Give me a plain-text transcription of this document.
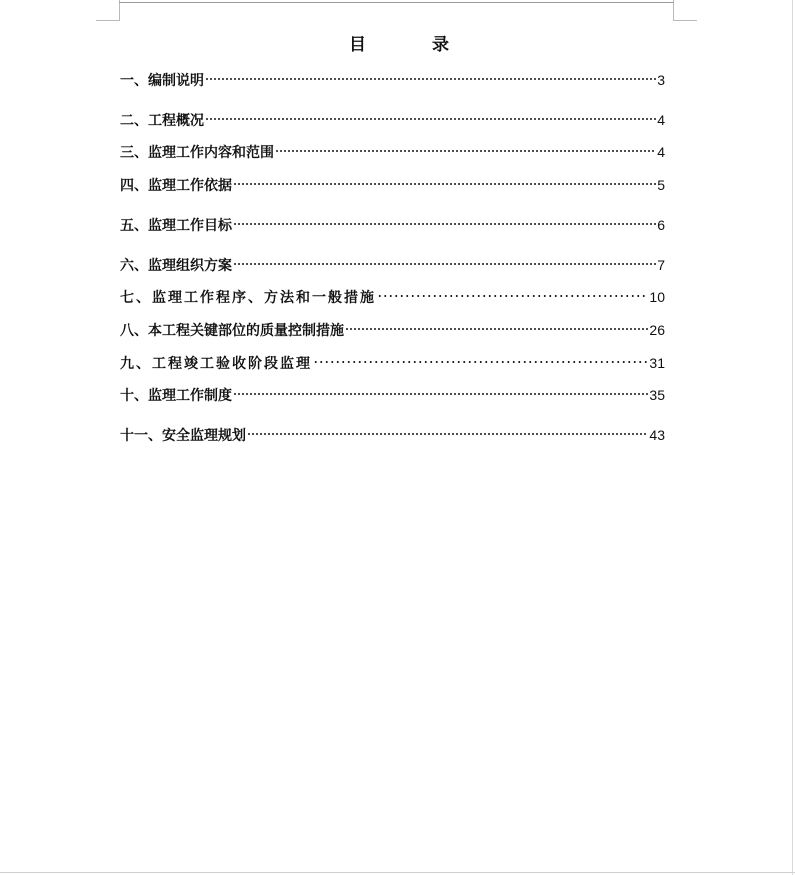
目 录
一、编制说明	3
二、工程概况	4
三、监理工作内容和范围	4
四、监理工作依据	5
五、监理工作目标	6
六、监理组织方案	7
七、监理工作程序、方法和一般措施	10
八、本工程关键部位的质量控制措施	26
九、工程竣工验收阶段监理	31
十、监理工作制度	35
十一、安全监理规划	43
